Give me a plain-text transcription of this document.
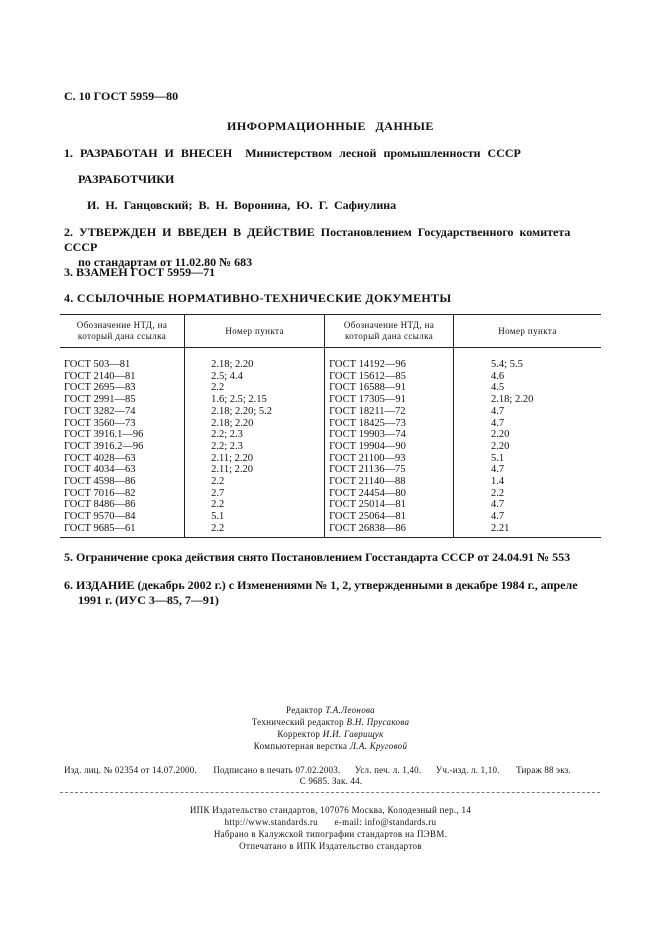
С. 10 ГОСТ 5959—80
ИНФОРМАЦИОННЫЕ ДАННЫЕ
1. РАЗРАБОТАН И ВНЕСЕН Министерством лесной промышленности СССР
РАЗРАБОТЧИКИ
И. Н. Ганцовский; В. Н. Воронина, Ю. Г. Сафиулина
2. УТВЕРЖДЕН И ВВЕДЕН В ДЕЙСТВИЕ Постановлением Государственного комитета СССР
по стандартам от 11.02.80 № 683
3. ВЗАМЕН ГОСТ 5959—71
4. ССЫЛОЧНЫЕ НОРМАТИВНО-ТЕХНИЧЕСКИЕ ДОКУМЕНТЫ
Обозначение НТД, на который дана ссылка	Номер пункта	Обозначение НТД, на который дана ссылка	Номер пункта

ГОСТ 503—81	2.18; 2.20	ГОСТ 14192—96	5.4; 5.5
ГОСТ 2140—81	2.5; 4.4	ГОСТ 15612—85	4.6
ГОСТ 2695—83	2.2	ГОСТ 16588—91	4.5
ГОСТ 2991—85	1.6; 2.5; 2.15	ГОСТ 17305—91	2.18; 2.20
ГОСТ 3282—74	2.18; 2.20; 5.2	ГОСТ 18211—72	4.7
ГОСТ 3560—73	2.18; 2.20	ГОСТ 18425—73	4.7
ГОСТ 3916.1—96	2.2; 2.3	ГОСТ 19903—74	2.20
ГОСТ 3916.2—96	2.2; 2.3	ГОСТ 19904—90	2.20
ГОСТ 4028—63	2.11; 2.20	ГОСТ 21100—93	5.1
ГОСТ 4034—63	2.11; 2.20	ГОСТ 21136—75	4.7
ГОСТ 4598—86	2.2	ГОСТ 21140—88	1.4
ГОСТ 7016—82	2.7	ГОСТ 24454—80	2.2
ГОСТ 8486—86	2.2	ГОСТ 25014—81	4.7
ГОСТ 9570—84	5.1	ГОСТ 25064—81	4.7
ГОСТ 9685—61	2.2	ГОСТ 26838—86	2.21
5. Ограничение срока действия снято Постановлением Госстандарта СССР от 24.04.91 № 553
6. ИЗДАНИЕ (декабрь 2002 г.) с Изменениями № 1, 2, утвержденными в декабре 1984 г., апреле
1991 г. (ИУС 3—85, 7—91)
Редактор Т.А.Леонова
Технический редактор В.Н. Прусакова
Корректор И.И. Гаврищук
Компьютерная верстка Л.А. Круговой
Изд. лиц. № 02354 от 14.07.2000. Подписано в печать 07.02.2003. Усл. печ. л. 1,40. Уч.-изд. л. 1,10. Тираж 88 экз.
С 9685. Зак. 44.
ИПК Издательство стандартов, 107076 Москва, Колодезный пер., 14
http://www.standards.ru e-mail: info@standards.ru
Набрано в Калужской типографии стандартов на ПЭВМ.
Отпечатано в ИПК Издательство стандартов
